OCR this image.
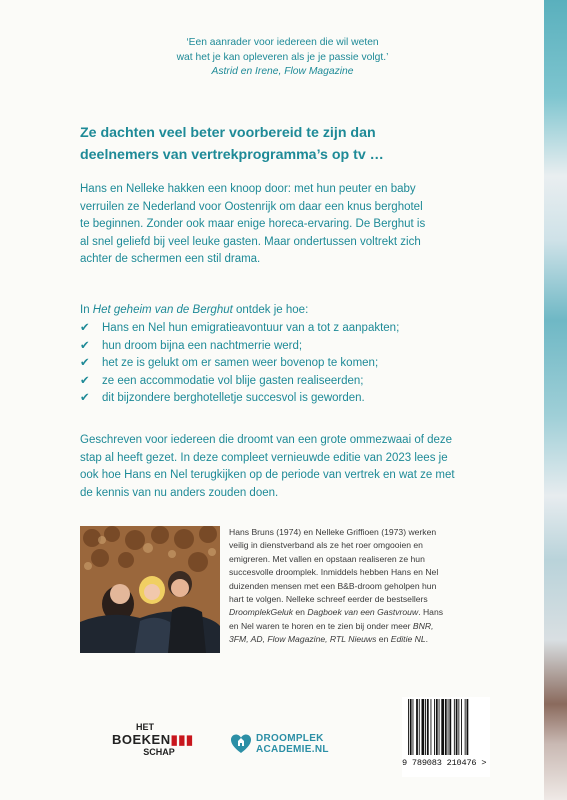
‘Een aanrader voor iedereen die wil weten
wat het je kan opleveren als je je passie volgt.’
Astrid en Irene, Flow Magazine
Ze dachten veel beter voorbereid te zijn dan
deelnemers van vertrekprogramma’s op tv …
Hans en Nelleke hakken een knoop door: met hun peuter en baby
verruilen ze Nederland voor Oostenrijk om daar een knus berghotel
te beginnen. Zonder ook maar enige horeca-ervaring. De Berghut is
al snel geliefd bij veel leuke gasten. Maar ondertussen voltrekt zich
achter de schermen een stil drama.
In Het geheim van de Berghut ontdek je hoe:
✔	Hans en Nel hun emigratieavontuur van a tot z aanpakten;
✔	hun droom bijna een nachtmerrie werd;
✔	het ze is gelukt om er samen weer bovenop te komen;
✔	ze een accommodatie vol blije gasten realiseerden;
✔	dit bijzondere berghotelletje succesvol is geworden.
Geschreven voor iedereen die droomt van een grote ommezwaai of deze
stap al heeft gezet. In deze compleet vernieuwde editie van 2023 lees je
ook hoe Hans en Nel terugkijken op de periode van vertrek en wat ze met
de kennis van nu anders zouden doen.
Hans Bruns (1974) en Nelleke Griffioen (1973) werken
veilig in dienstverband als ze het roer omgooien en
emigreren. Met vallen en opstaan realiseren ze hun
succesvolle droomplek. Inmiddels hebben Hans en Nel
duizenden mensen met een B&B-droom geholpen hun
hart te volgen. Nelleke schreef eerder de bestsellers
DroomplekGeluk en Dagboek van een Gastvrouw. Hans
en Nel waren te horen en te zien bij onder meer BNR,
3FM, AD, Flow Magazine, RTL Nieuws en Editie NL.
HET
BOEKEN▮▮▮
SCHAP
DROOMPLEK
ACADEMIE.NL
9 789083 210476 >
